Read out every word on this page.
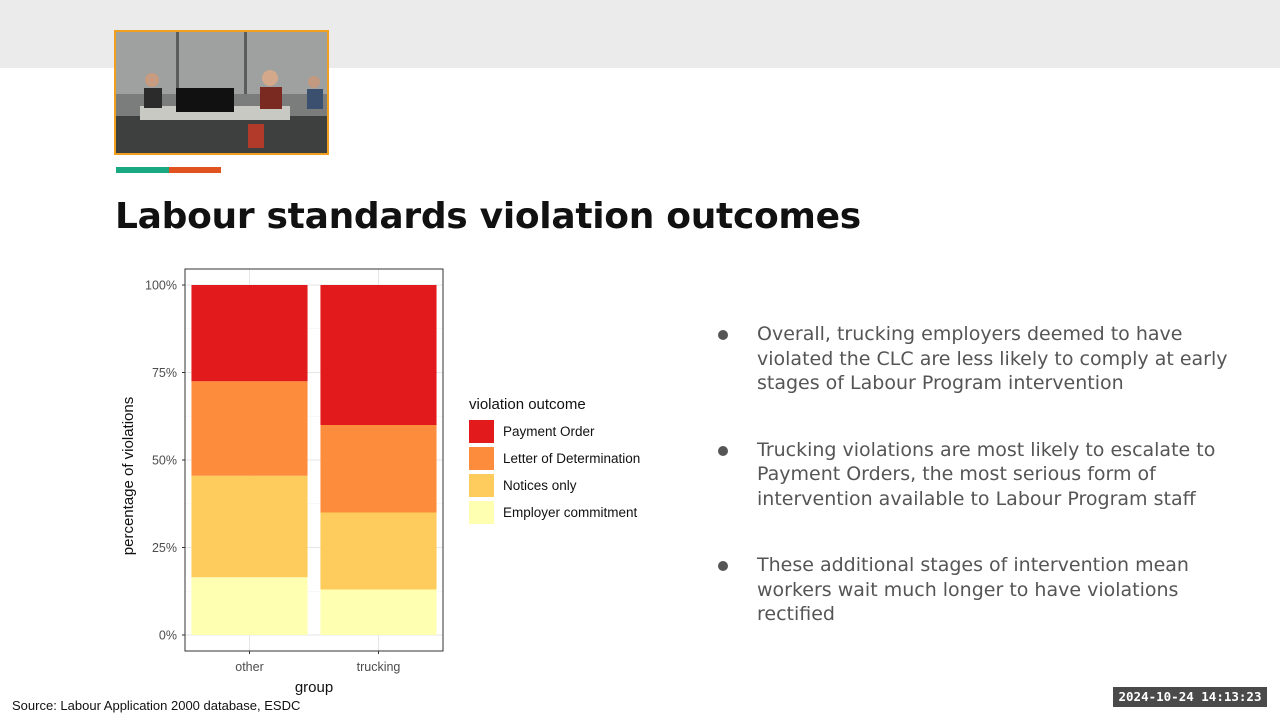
Labour standards violation outcomes
0%
25%
50%
75%
100%
other	trucking
group
percentage of violations	violation outcome
Payment Order
Letter of Determination
Notices only
Employer commitment
Overall, trucking employers deemed to have violated the CLC are less likely to comply at early stages of Labour Program intervention
Trucking violations are most likely to escalate to Payment Orders, the most serious form of intervention available to Labour Program staff
These additional stages of intervention mean workers wait much longer to have violations rectified
Source: Labour Application 2000 database, ESDC
2024-10-24 14:13:23
